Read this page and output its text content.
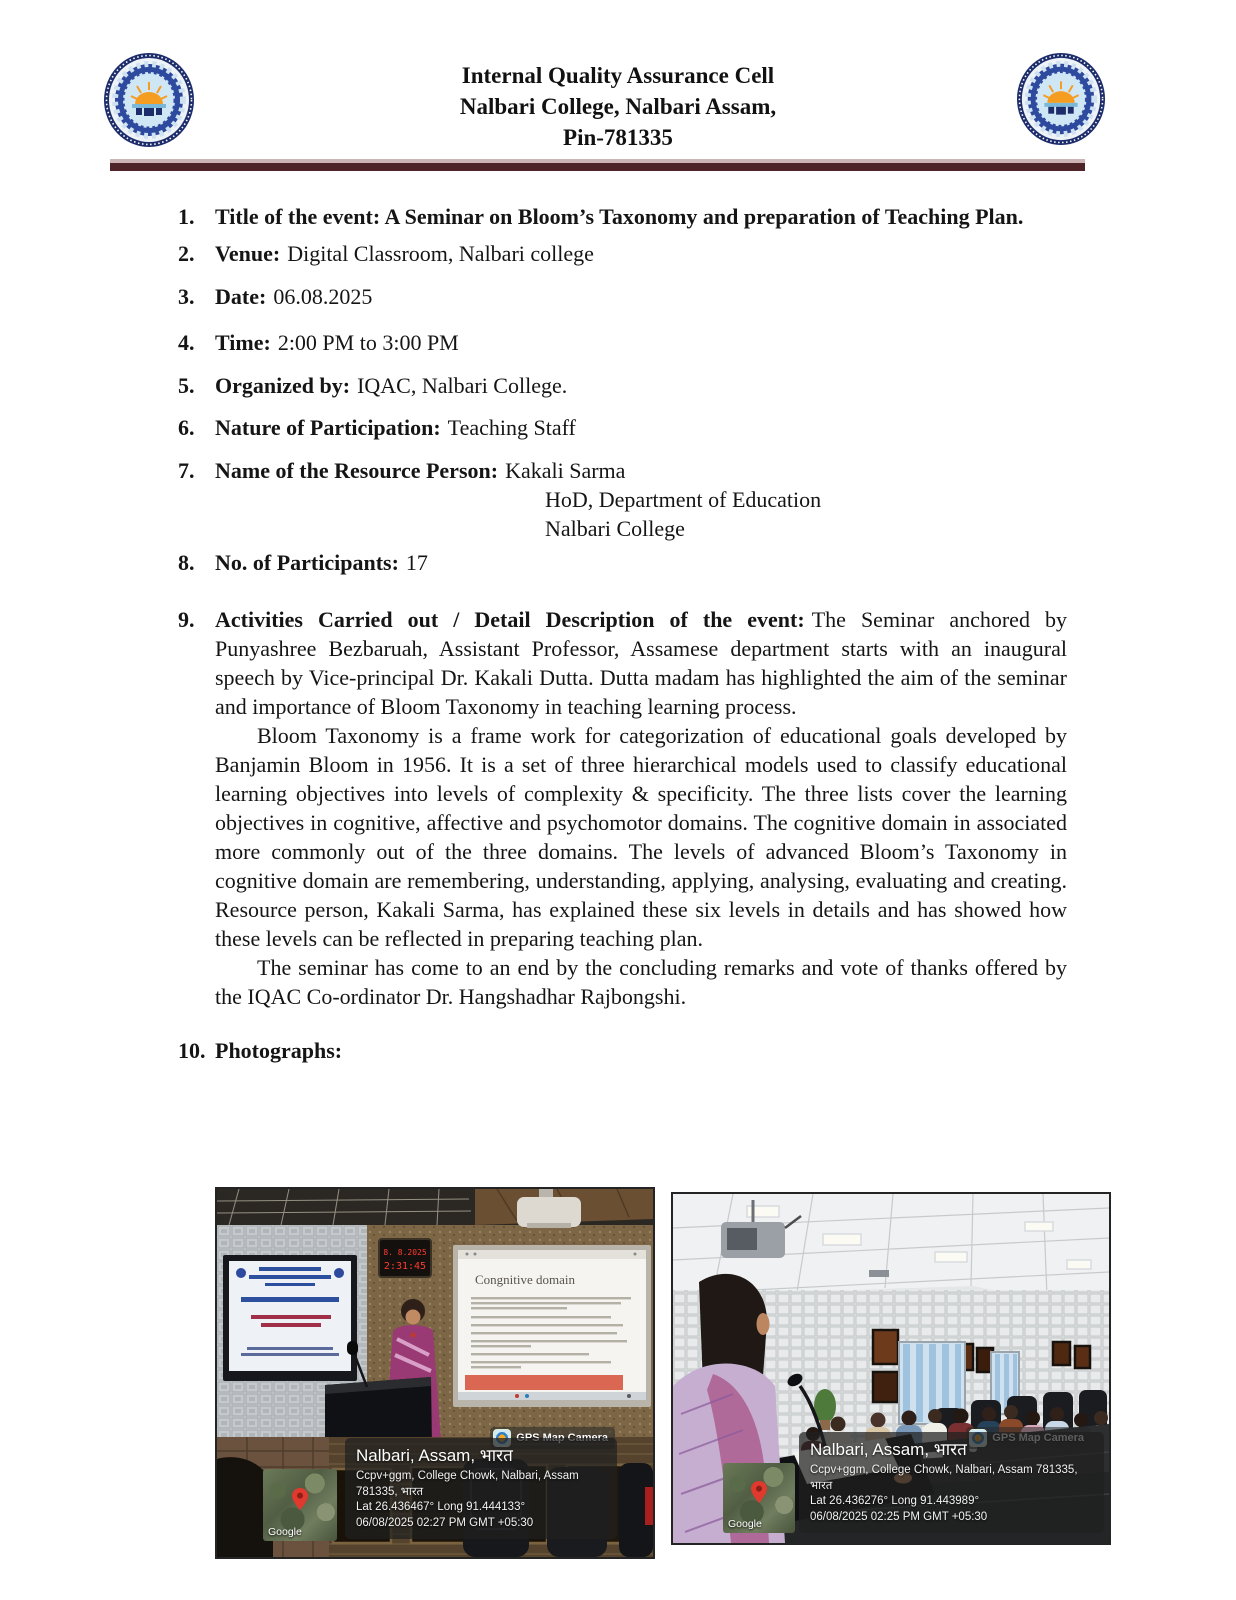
Internal Quality Assurance Cell
Nalbari College, Nalbari Assam,
Pin-781335
1. Title of the event: A Seminar on Bloom’s Taxonomy and preparation of Teaching Plan.
2. Venue: Digital Classroom, Nalbari college
3. Date: 06.08.2025
4. Time: 2:00 PM to 3:00 PM
5. Organized by: IQAC, Nalbari College.
6. Nature of Participation: Teaching Staff
7. Name of the Resource Person: Kakali Sarma
HoD, Department of Education
Nalbari College
8. No. of Participants: 17
9. Activities Carried out / Detail Description of the event: The Seminar anchored by Punyashree Bezbaruah, Assistant Professor, Assamese department starts with an inaugural speech by Vice-principal Dr. Kakali Dutta. Dutta madam has highlighted the aim of the seminar and importance of Bloom Taxonomy in teaching learning process.
Bloom Taxonomy is a frame work for categorization of educational goals developed by Banjamin Bloom in 1956. It is a set of three hierarchical models used to classify educational learning objectives into levels of complexity & specificity. The three lists cover the learning objectives in cognitive, affective and psychomotor domains. The cognitive domain in associated more commonly out of the three domains. The levels of advanced Bloom’s Taxonomy in cognitive domain are remembering, understanding, applying, analysing, evaluating and creating. Resource person, Kakali Sarma, has explained these six levels in details and has showed how these levels can be reflected in preparing teaching plan.
The seminar has come to an end by the concluding remarks and vote of thanks offered by the IQAC Co-ordinator Dr. Hangshadhar Rajbongshi.
10. Photographs:
8. 8.2025
2:31:45
Congnitive domain
Google
Nalbari, Assam, भारत
Ccpv+ggm, College Chowk, Nalbari, Assam 781335, भारत
Lat 26.436467° Long 91.444133°
06/08/2025 02:27 PM GMT +05:30	Google
Nalbari, Assam, भारत
Ccpv+ggm, College Chowk, Nalbari, Assam 781335, भारत
Lat 26.436276° Long 91.443989°
06/08/2025 02:25 PM GMT +05:30
